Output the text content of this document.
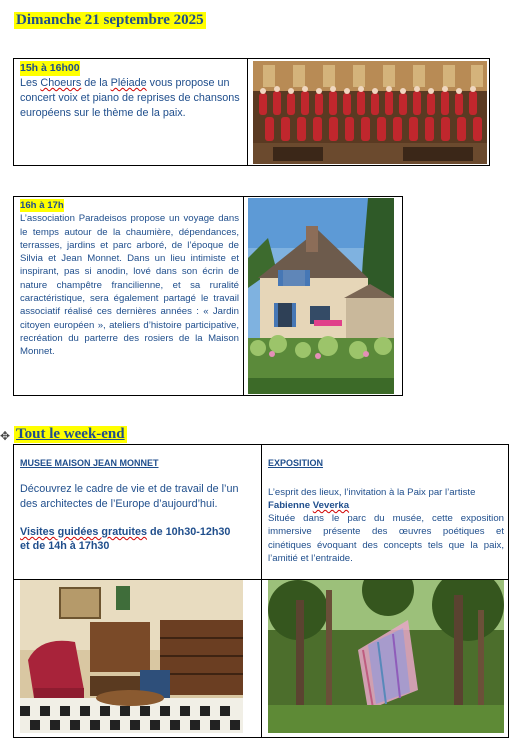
Dimanche 21 septembre 2025
15h à 16h00
Les Choeurs de la Pléiade vous propose un concert voix et piano de reprises de chansons européens sur le thème de la paix.
16h à 17h
L’association Paradeisos propose un voyage dans le temps autour de la chaumière, dépendances, terrasses, jardins et parc arboré, de l’époque de Silvia et Jean Monnet. Dans un lieu intimiste et inspirant, pas si anodin, lové dans son écrin de nature champêtre francilienne, et sa ruralité caractéristique, sera également partagé le travail associatif réalisé ces dernières années : « Jardin citoyen européen », ateliers d’histoire participative, recréation du parterre des rosiers de la Maison Monnet.
✥ Tout le week-end
MUSEE MAISON JEAN MONNET
Découvrez le cadre de vie et de travail de l’un des architectes de l’Europe d’aujourd’hui.
Visites guidées gratuites de 10h30-12h30
et de 14h à 17h30
EXPOSITION
L’esprit des lieux, l’invitation à la Paix par l’artiste
Fabienne Veverka
Située dans le parc du musée, cette exposition immersive présente des œuvres poétiques et cinétiques évoquant des concepts tels que la paix, l’amitié et l’entraide.
